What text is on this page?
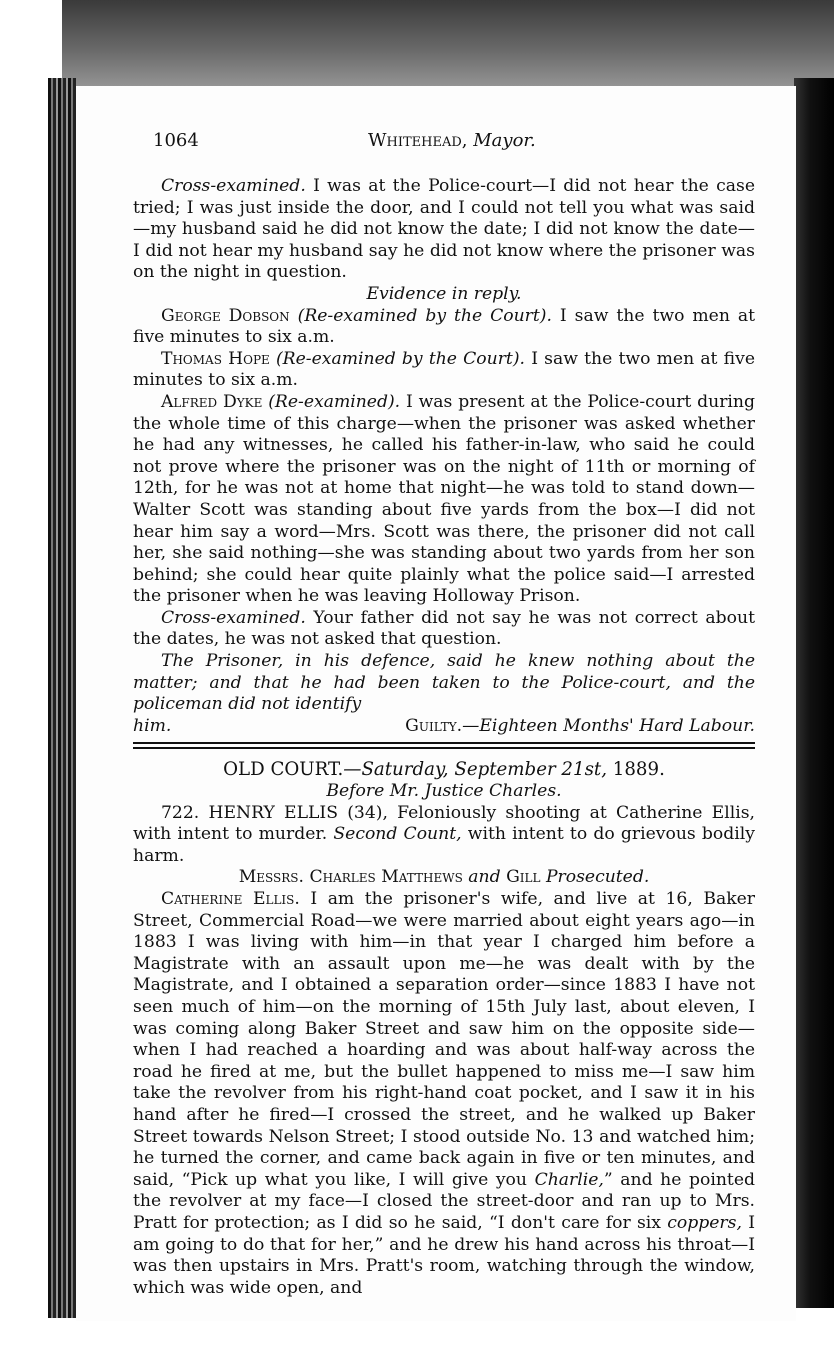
1064	Whitehead, Mayor.

Cross-examined. I was at the Police-court—I did not hear the case tried; I was just inside the door, and I could not tell you what was said —my husband said he did not know the date; I did not know the date—I did not hear my husband say he did not know where the prisoner was on the night in question.

Evidence in reply.

George Dobson (Re-examined by the Court). I saw the two men at five minutes to six a.m.

Thomas Hope (Re-examined by the Court). I saw the two men at five minutes to six a.m.

Alfred Dyke (Re-examined). I was present at the Police-court during the whole time of this charge—when the prisoner was asked whether he had any witnesses, he called his father-in-law, who said he could not prove where the prisoner was on the night of 11th or morning of 12th, for he was not at home that night—he was told to stand down—Walter Scott was standing about five yards from the box—I did not hear him say a word—Mrs. Scott was there, the prisoner did not call her, she said nothing—she was standing about two yards from her son behind; she could hear quite plainly what the police said—I arrested the prisoner when he was leaving Holloway Prison.

Cross-examined. Your father did not say he was not correct about the dates, he was not asked that question.

The Prisoner, in his defence, said he knew nothing about the matter; and that he had been taken to the Police-court, and the policeman did not identify

him.	Guilty.—Eighteen Months' Hard Labour.

OLD COURT.—Saturday, September 21st, 1889.

Before Mr. Justice Charles.

722. HENRY ELLIS (34), Feloniously shooting at Catherine Ellis, with intent to murder. Second Count, with intent to do grievous bodily harm.

Messrs. Charles Matthews and Gill Prosecuted.

Catherine Ellis. I am the prisoner's wife, and live at 16, Baker Street, Commercial Road—we were married about eight years ago—in 1883 I was living with him—in that year I charged him before a Magistrate with an assault upon me—he was dealt with by the Magistrate, and I obtained a separation order—since 1883 I have not seen much of him—on the morning of 15th July last, about eleven, I was coming along Baker Street and saw him on the opposite side—when I had reached a hoarding and was about half-way across the road he fired at me, but the bullet happened to miss me—I saw him take the revolver from his right-hand coat pocket, and I saw it in his hand after he fired—I crossed the street, and he walked up Baker Street towards Nelson Street; I stood outside No. 13 and watched him; he turned the corner, and came back again in five or ten minutes, and said, “Pick up what you like, I will give you Charlie,” and he pointed the revolver at my face—I closed the street-door and ran up to Mrs. Pratt for protection; as I did so he said, “I don't care for six coppers, I am going to do that for her,” and he drew his hand across his throat—I was then upstairs in Mrs. Pratt's room, watching through the window, which was wide open, and
